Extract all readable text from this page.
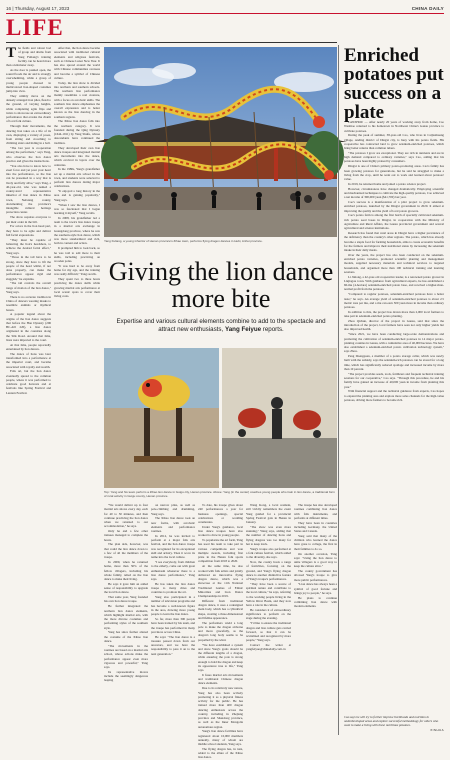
16 | Thursday, August 17, 2023	CHINA DAILY
LIFE
T he fields and robust bod of group and drums from Yang Fuliang's training facility can be heard more than a kilometer away.

As the door is pushed open, the sound floods the air and is strongly overwhelming, while a group of young people dressed in multicolored lion-shaped costumes jump into view.

They nimbly move on the densely arranged iron piles, flead to the ground, of varying heights, while completing agile flips and twists to showcase an extraordinary performance that evades the charm of local folk culture.

Through their movements, the dancing lion takes on a life of its own, displaying a variety of poses, from sitting and crouching to climbing stairs and hiding in a ball.

"The last year is cooperation among the performers," says Yang, who observes the lion dance practice and gives the instructions.

"You also have to know how to exert force and yet pour your heart into the performance, so the lion can be presented in a way that is lively and fully alive," says Yang, a 40-year-old, who was named a county-level representative inheritor of lion dance in Xihao town, Neixiang county, documenting the province's intangible cultural heritage protection center.

The show requires everyone to put their order in the bill.

For actors in the lion head part, they have to be agile and deliver full facial expressions.

"They must be capable of balancing the lion's headshots, to achieve the desired facial effect," Yang says.

"Those in the tail have to be strong, since they have to lift the people of the head whilst, if not done properly, can make the performance appear rigid and sluggish," he explains.

"The tail controls the overall range of motion of the lion dance," Yang says.

There is no accurate tradition in China of dancers wearing masks to resemble animals or mythical beasts.

A popular legend about the origins of the lion dance suggests that before the Han Dynasty (206 BC-AD 220), a lion dance originated in the countries along the Silk Road. Around that time, lions were imported to the court.

At that time, people reportedly entertained by lion dances.

The dance of lions was later transformed into a performance at the imperial court, and became associated with royalty and wealth.

Folk art, but the lion dance eventually spread to the common people, where it was performed to celebrate good harvests and at festivals like Spring Festival and Lantern Festival.

After that, the lion dance became associated with traditional cultural elements and religious festivals, such as Chinese Lunar New Year. It has also spread around the world with Chinese communities overseas and become a symbol of Chinese culture.

Today, the lion show is divided into northern and southern schools. The northern lion performance mainly resembles a real creature, with a focus on acrobatic skills. The southern lion dance emphasizes the overall expression and is better known as the lion dancing in the southern regions.

The Xihao lion dance falls into the northern category. It was founded during the Qing Dynasty (1644-1911) by Yang Shufu, whose descendants have continued the tradition.

They developed their own lion dance troupes and integrated martial arts movements into the dance, which evolved in layers over the centuries.

In the 1980s, Yang's grandfather set up a martial arts school in the town, and students were selected to perform lion dances during major celebrations.

"It enjoyed a long history in the area and is gaining popularity," Yang says.

"When I saw the lion dances, I was so fascinated that I began learning it myself," Yang recalls.

In 2008, his grandfather led a team to the town's lion dance troupe in a martial arts exchange in Guangdong province, where he saw the southern-style lion dance, which was more standardized and rich, both in content and action.

It prompted him to look back, so he was told to add more to their skills, including practicing on wooden poles.

"It was hard to be away from home for my age, and the training was really difficult," Yang recalls.

They spent two to three hours practicing the dance skills while growing martial arts performance at local scenic spots to cover their living costs.

Yang Fuliang, a young inheritor of Henan province's Zihao town, performs flying dragon dances in Hebi, Anhui province.
Giving the lion dance more bite
Expertise and various cultural elements combine to add to the spectacle and attract new enthusiasts, Yang Feiyue reports.
Top: Yang and his team perform a Zihao lion dance in Guigu city, Henan province. Above: Yang (in the center) coaches young people who train in lion dance, a traditional form of rural activity in Guigu county, Henan province.

"We would deliver up to four martial arts shows every day, each for 40 to 50 minutes, and then continue practicing the lion dance when we returned to our accommodation," he says.

Only he and a few other trainees managed to complete the hours.

The plan aids, however, was that could the lion dance down to a few of all the members of the troupe.

In 2009, when he returned home, more than 30% of the fellow villagers, including his whole family, relied on the lion dance to make their living.

He says it gave him an added sense of responsibility to upgrade the local lion dance.

That same year, Yang founded his own lion dance troupe.

He further integrated the northern lion dance elements, which highlight martial arts, with the more diverse costumes and performing styles of the southern style.

Yang has since further altered the costume of the Xihao lion dance.

"The movements in the routines are based on a martial arts school, whose actions make the performance appear even more vigorous and powerful," Yang says.

Its representative moves include the seemingly dangerous leaping

on narrow piles, as well as pole-climbing and drumming, Yang says.

The Xihao lion dance took on new forms, with acrobatic elements and performance routines.

In 2012, he was invited to perform at a major folk arts festival, and the lion dance troupe was recognized for its exceptional skill and artistry. Then it wove its name into the local culture.

"I see everybody, from children to the elderly, come out with great enthusiasm whenever there is a lion dance performance," Yang says.

He has taken the lion dance troupe to many cities and countries to promote the art.

Yang also participated in a number of television programs and has become a well-known figure in the area, drawing more young people to learn the lion dance.

So far, more than 300 people have been trained by his team, and the troupe has performed in many provinces across China.

He says: "The lion dance is a treasure passed down from our ancestors, and we have the responsibility to pass it on to the next generation."

To date, his troupe gives about 240 performances a year for business openings, special celebrations or wedding ceremonies.

Under Yang's guidance, local lion dance troupes have also worked to draw in young people.

To popularize the art form, Yang has used his team to take part in various competitions and won multiple awards, including first prize in the Henan folk sports competition from 2018 to 2020.

At the same time, he also worked with folk artists and jointly delivered an innovative flying dragon dance, which was a showcase at the 11th National Traditional Games of Ethnic Minorities and Lion Dance Championships in 2019.

Different from traditional dragon dance, it uses a redesigned main body, which has a cylindrical shape, creating a three-dimensional and lifelike appearance.

The performers wield a long pole to make the dragon airborne and move gracefully, as the dragon's long body seems to be propelled by the wind.

"We have established a system and since Yang's goals should be the different lengths of a dragon, while ensuring the pole is strong enough to hold the dragon and keep its appearance true to life," Yang says.

It fuses martial arts movements and traditional Chinese dragon dance elements.

Due to its relatively new nature, Yang has also been actively promoting it as a physical fitness activity for the public. He has trained more than 400 dragon dancing enthusiasts across the country, including in Zhejiang province and Shandong province, as well as the Inner Mongolia autonomous region.

Yang's lion dance facilities have registered about 10,000 members annually, many of whom are middle school students, Yang says.

The flying dragon has, in turn, added to the allure of the Xihao lion dance.

Wang Kong, a local resident, still vividly remembers the event Yang guided for a provincial Spring Festival gala in Henan in January.

"The show was even more stunning," Wang says, adding that the number of dancing lions and flying dragons was too many for her to keep track.

Yang's troupe also performed at a folk culture festival, which added to the diversity, she says.

Now, the county hosts a range of festivities, focusing on the ground, and Yang's flying dragon dance is another distinctive feature of Yang's troupe's performances.

"They have been a source of spiritual nature and contribute to the local culture," he says, referring to the working people living in the Yellow River Basin, and they now have a role in the culture.

He considers it of extraordinary significance to perform on the stage during the evening.

"I'd like to ensure the traditional dragon and lion culture gets carried forward, so that it can be revitalized and recognized by more people," Yang says.

Contact the writer at yangfeiyue@chinadaily.com.cn

The troupe has also developed routines combining lion dance with folk instruments, and performs at different times.

They have been in countries including Germany, the United States and Canada.

Yang said that many of the children who learned the dance have gone to college, the first in their families to do so.

On another occasion, Yang says: "Using the lion dance to unite villagers is a good way to keep the culture alive."

The county government has allowed Yang's troupe to give more public performances.

"Lion dance has always been a symbol of good fortune and brings joy to people," he says.

He plans to continue combining lion dance with modern elements.

Enriched potatoes put success on a plate

LANZHOU — After nearly 20 years of working away from home, Cao Wenbiao returned to his hometown in Northwest China's Gansu province to cultivate potatoes.

During the peak of summer, 38-year-old Cao, who lives in Caijiazhuang village, Anding district of Dingxi city, is busy with his potato fields. His cooperative has contracted land to grow selenium-enriched potatoes, which bring better returns than common tubers.

"The potatoes I grow are exceptional. They are rich in nutrients and are in high demand compared to ordinary varieties," says Cao, adding that his potatoes have been highly praised by consumers.

Dingxi is one of China's primary potato-producing areas. Cao's family has been growing potatoes for generations, but he said he struggled to make a living from the crop, until he went out to work and learned about potatoes' value.

In 2019, he returned home and joined a potato science project.

However, circumstances have changed dramatically. Employing scientific and mechanized techniques to cultivate the high-quality potatoes, Cao achieved a net income of 300,000 yuan ($41,700) last year.

Cao's success is a manifestation of a pilot project to grow selenium-enriched potatoes, launched by the Dingxi government in 2020. It aimed at improving the quality and the yield of local potato growers.

Cao's potato farm is among the first batch of specially cultivated selenium-rich potato seed bases in Dingxi, in cooperation with the Ministry of Agriculture and Rural Affairs, the Gansu provincial government and several agricultural and science institutions.

Research has found that rural areas in Dingxi have a higher prevalence of the deficiency than the country's other regions. The potato, which has already become a staple food for farming households, aims to create economic benefits for the farmers and improve their nutritional status by increasing the selenium intake in their daily meals.

Over the years, the project has also been conducted on the selenium-enriched potato varieties, promoted scientific planting and management models, supplied necessary materials and technical services to targeted households, and organized more than 100 technical training and learning sessions.

Li Jinlong, a 42-year-old cooperative leader, is a renowned potato grower in Liujiagou town. With guidance from agricultural experts, he has established a 60-mu (4-hectare) selenium-enriched potato base, and received a higher-than-normal profit from the potatoes.

"Compared to regular potatoes, selenium-enriched potatoes have a better taste," he says. An average yield of selenium-enriched potatoes is about 2.5 metric tons per mu, and a mu can earn 500 yuan more in income than ordinary potatoes.

In addition to this, the project has drawn more than 2,000 local farmers to take part in selenium-enriched potato planting.

Zhou Qichun, director of the project in Gansu, said that since the introduction of the project, local farmers have seen not only higher yields but also improved health.

"Since 2021, we have been conducting large-scale demonstrations and promoting the cultivation of selenium-enriched potatoes in 14 major potato-planting counties in Gansu, with a cumulative area of 40,000 hectares. We have also established a selenium-enriched potato cultivation technology system," says Zhou.

Peng Zhengquan, a member of a potato storage cellar, which was newly built with the subsidy, says the selenium-rich potatoes can be stored for a long time, which has significantly reduced spoilage and increased income by more than 10 percent.

"The project provides seeds, tools, fertilizers and frequent technical training sessions for our cooperative," Cao says. "Through this procedure, he and his family have gained an increase of 40,000 yuan in income from planting this year."

With financial support and the technical guidance from experts, Cao hopes to expand the planting area and explore more sales channels for the high-value potatoes, driving more farmers to become rich.

Cao says he will try to further improve livelihoods and nutrition in underdeveloped areas and explore successful methodology for others who want to make a living with these nutritious potatoes.
XINHUA
